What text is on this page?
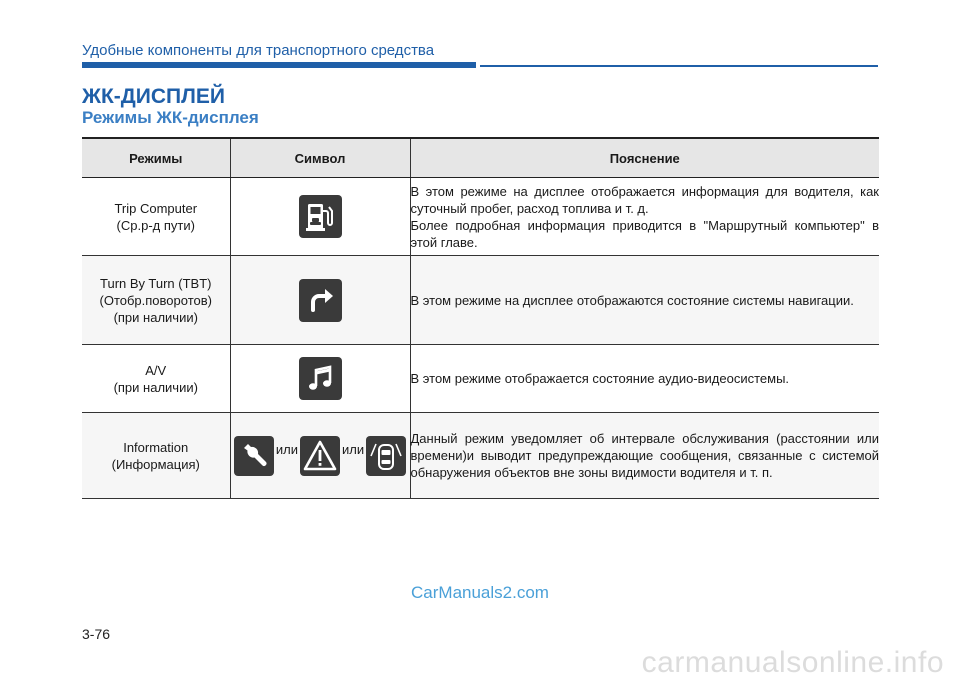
Удобные компоненты для транспортного средства
ЖК-ДИСПЛЕЙ
Режимы ЖК-дисплея
Режимы	Символ	Пояснение

Trip Computer
(Ср.р-д пути)		В этом режиме на дисплее отображается информация для водителя, как суточный пробег, расход топлива и т. д.
Более подробная информация приводится в "Маршрутный компьютер" в этой главе.

Turn By Turn (TBT)
(Отобр.поворотов)
(при наличии)		В этом режиме на дисплее отображаются состояние системы навигации.

A/V
(при наличии)		В этом режиме отображается состояние аудио-видеосистемы.

Information
(Информация)	или или	Данный режим уведомляет об интервале обслуживания (расстоянии или времени)и выводит предупреждающие сообщения, связанные с системой обнаружения объектов вне зоны видимости водителя и т. п.
CarManuals2.com
3-76
carmanualsonline.info
